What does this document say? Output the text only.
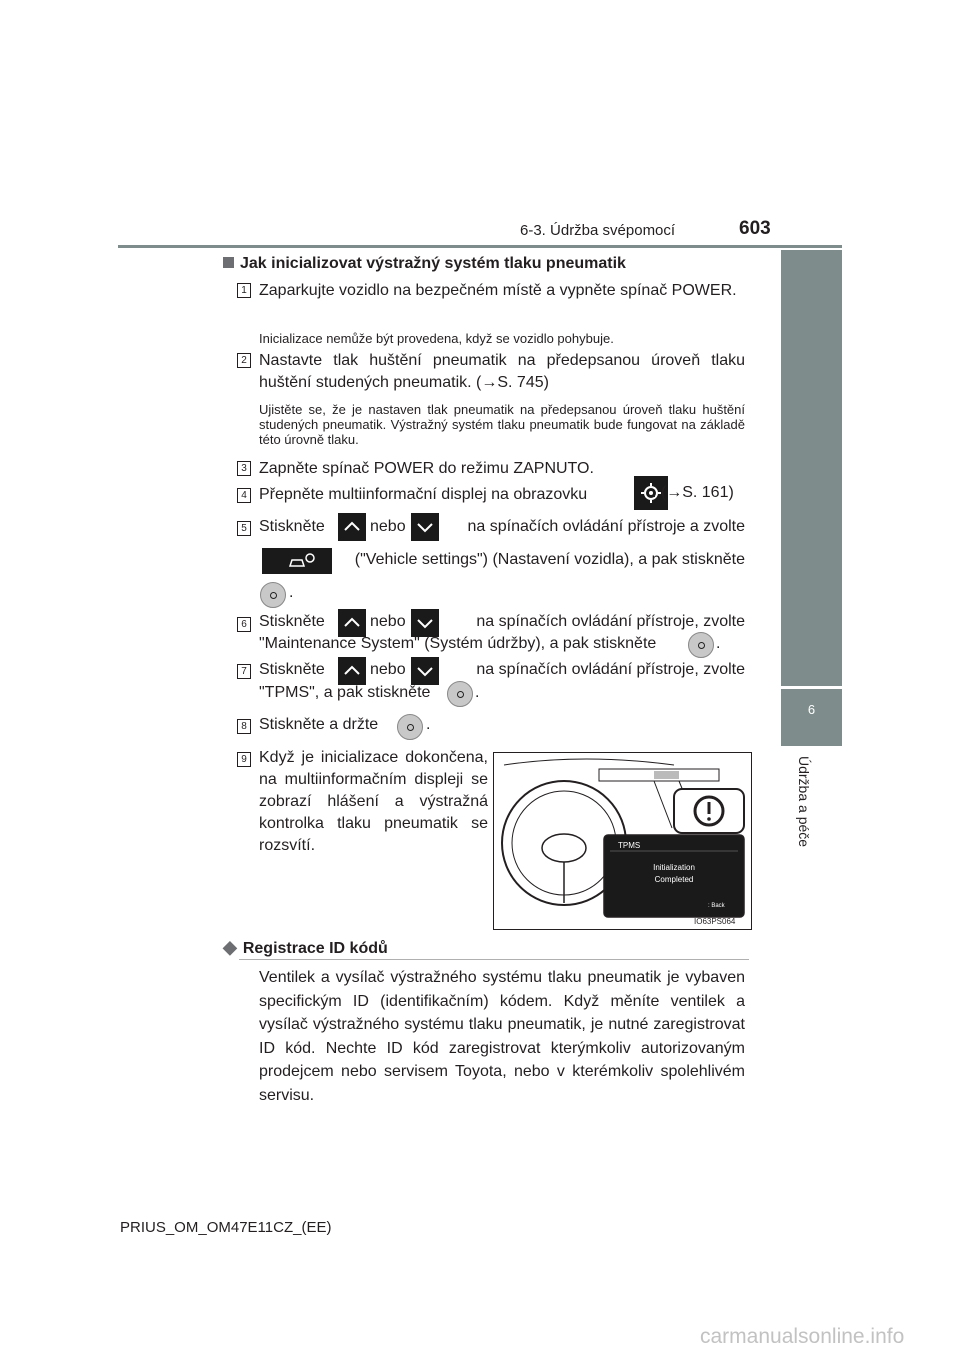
6-3. Údržba svépomocí	603
6
Údržba a péče
Jak inicializovat výstražný systém tlaku pneumatik
1 Zaparkujte vozidlo na bezpečném místě a vypněte spínač POWER.
Inicializace nemůže být provedena, když se vozidlo pohybuje.
2 Nastavte tlak huštění pneumatik na předepsanou úroveň tlaku huštění studených pneumatik. (→S. 745)
Ujistěte se, že je nastaven tlak pneumatik na předepsanou úroveň tlaku huštění studených pneumatik. Výstražný systém tlaku pneumatik bude fungovat na základě této úrovně tlaku.
3 Zapněte spínač POWER do režimu ZAPNUTO.
4 Přepněte multiinformační displej na obrazovku	. (→S. 161)
5 Stiskněte	nebo	na spínačích ovládání přístroje a zvolte
("Vehicle settings") (Nastavení vozidla), a pak stiskněte
.
6 Stiskněte	nebo	na spínačích ovládání přístroje, zvolte
"Maintenance System" (Systém údržby), a pak stiskněte	.
7 Stiskněte	nebo	na spínačích ovládání přístroje, zvolte
"TPMS", a pak stiskněte	.
8 Stiskněte a držte	.
9 Když je inicializace dokončena, na multiinformačním displeji se zobrazí hlášení a výstražná kontrolka tlaku pneumatik se rozsvítí.	TPMS
Initialization
Completed
: Back
IO63PS064
◆ Registrace ID kódů
Ventilek a vysílač výstražného systému tlaku pneumatik je vybaven specifickým ID (identifikačním) kódem. Když měníte ventilek a vysílač výstražného systému tlaku pneumatik, je nutné zaregistrovat ID kód. Nechte ID kód zaregistrovat kterýmkoliv autorizovaným prodejcem nebo servisem Toyota, nebo v kterémkoliv spolehlivém servisu.
PRIUS_OM_OM47E11CZ_(EE)
carmanualsonline.info
